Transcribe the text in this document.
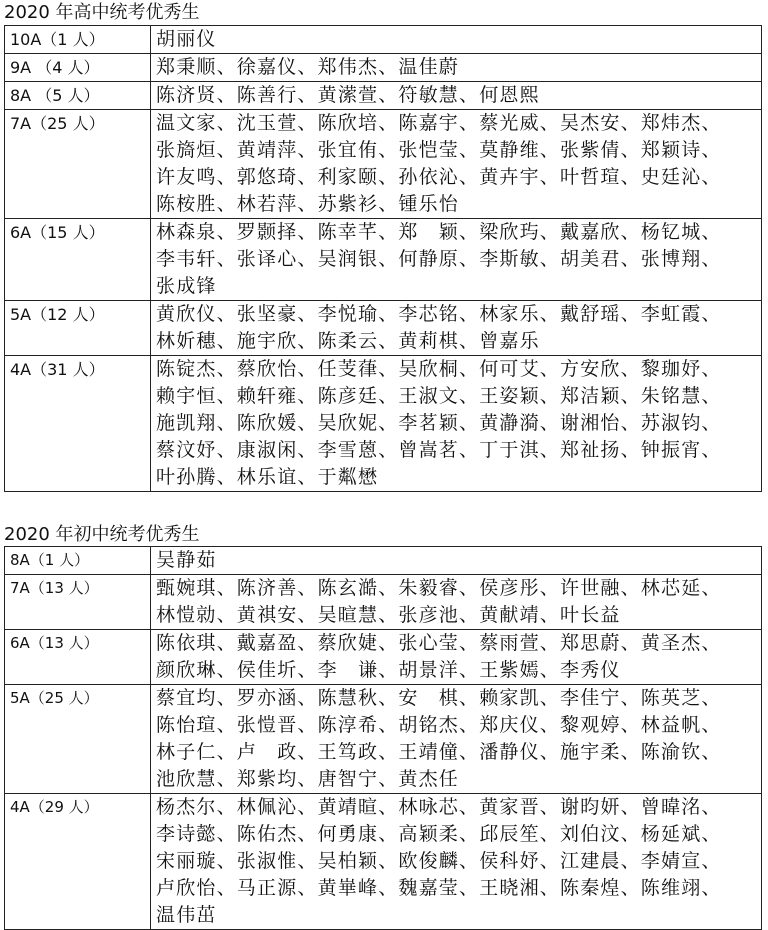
2020 年高中统考优秀生
10A（1 人）	胡丽仪

9A （4 人）	郑秉顺、徐嘉仪、郑伟杰、温佳蔚

8A （5 人）	陈济贤、陈善行、黄潆萱、符敏慧、何恩熙

7A（25 人）	温文家、沈玉萱、陈欣培、陈嘉宇、蔡光威、吴杰安、郑炜杰、
张旖烜、黄靖萍、张宜侑、张恺莹、莫静维、张紫倩、郑颖诗、
许友鸣、郭悠琦、利家颐、孙依沁、黄卉宇、叶哲瑄、史廷沁、
陈桉胜、林若萍、苏紫衫、锺乐怡

6A（15 人）	林森泉、罗颢择、陈幸芊、郑　颖、梁欣玙、戴嘉欣、杨钇城、
李韦轩、张译心、吴润银、何静原、李斯敏、胡美君、张博翔、
张成锋

5A（12 人）	黄欣仪、张坚豪、李悦瑜、李芯铭、林家乐、戴舒瑶、李虹霞、
林妡穗、施宇欣、陈柔云、黄莉棋、曾嘉乐

4A（31 人）	陈锭杰、蔡欣怡、任芰葎、吴欣桐、何可艾、方安欣、黎珈妤、
赖宇恒、赖轩雍、陈彦廷、王淑文、王姿颖、郑洁颖、朱铭慧、
施凯翔、陈欣媛、吴欣妮、李茗颖、黄瀞漪、谢湘怡、苏淑钧、
蔡汶妤、康淑闲、李雪蒽、曾嵩茗、丁于淇、郑祉扬、钟振宵、
叶孙腾、林乐谊、于粼懋
2020 年初中统考优秀生
8A（1 人）	吴静茹

7A（13 人）	甄婉琪、陈济善、陈玄澔、朱毅睿、侯彦彤、许世融、林芯延、
林愷勍、黄祺安、吴暄慧、张彦池、黄献靖、叶长益

6A（13 人）	陈依琪、戴嘉盈、蔡欣婕、张心莹、蔡雨萱、郑思蔚、黄圣杰、
颜欣琳、侯佳圻、李　谦、胡景洋、王紫嫣、李秀仪

5A（25 人）	蔡宜均、罗亦涵、陈慧秋、安　棋、赖家凯、李佳宁、陈英芝、
陈怡瑄、张愷晋、陈淳希、胡铭杰、郑庆仪、黎观婷、林益帆、
林子仁、卢　政、王笃政、王靖僮、潘静仪、施宇柔、陈渝钦、
池欣慧、郑紫均、唐智宁、黄杰任

4A（29 人）	杨杰尔、林佩沁、黄靖暄、林咏芯、黄家晋、谢昀妍、曾暐洺、
李诗懿、陈佑杰、何勇康、高颖柔、邱辰笙、刘伯汶、杨延斌、
宋丽璇、张淑惟、吴柏颖、欧俊麟、侯科妤、江建晨、李婧宣、
卢欣怡、马正源、黄崋峰、魏嘉莹、王晓湘、陈秦煌、陈维翊、
温伟茁
